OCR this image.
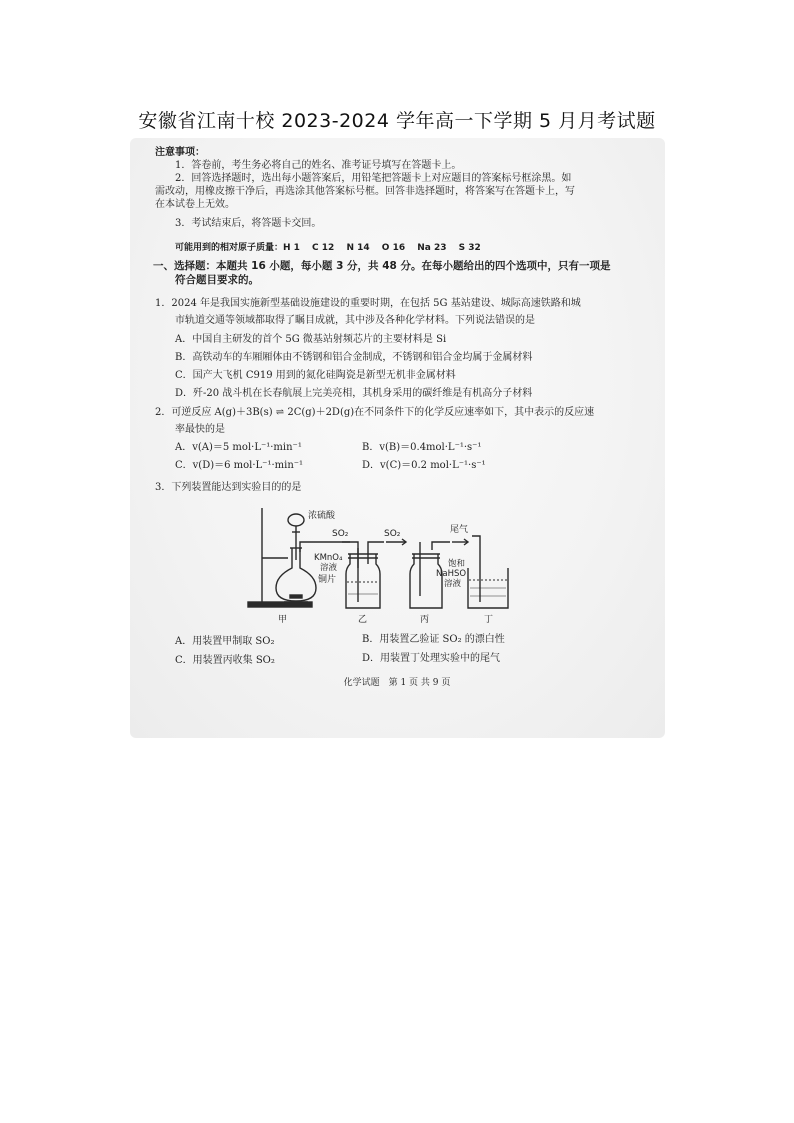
安徽省江南十校 2023-2024 学年高一下学期 5 月月考试题
注意事项：
1．答卷前，考生务必将自己的姓名、准考证号填写在答题卡上。
2．回答选择题时，选出每小题答案后，用铅笔把答题卡上对应题目的答案标号框涂黑。如
需改动，用橡皮擦干净后，再选涂其他答案标号框。回答非选择题时，将答案写在答题卡上，写
在本试卷上无效。
3．考试结束后，将答题卡交回。
可能用到的相对原子质量：H 1　 C 12　 N 14　 O 16　 Na 23　 S 32
一、选择题：本题共 16 小题，每小题 3 分，共 48 分。在每小题给出的四个选项中，只有一项是
符合题目要求的。
1．2024 年是我国实施新型基础设施建设的重要时期，在包括 5G 基站建设、城际高速铁路和城
市轨道交通等领域都取得了瞩目成就，其中涉及各种化学材料。下列说法错误的是
A．中国自主研发的首个 5G 微基站射频芯片的主要材料是 Si
B．高铁动车的车厢厢体由不锈钢和铝合金制成，不锈钢和铝合金均属于金属材料
C．国产大飞机 C919 用到的氮化硅陶瓷是新型无机非金属材料
D．歼-20 战斗机在长春航展上完美亮相，其机身采用的碳纤维是有机高分子材料
2．可逆反应 A(g)＋3B(s) ⇌ 2C(g)＋2D(g)在不同条件下的化学反应速率如下，其中表示的反应速
率最快的是
A．v(A)＝5 mol·L⁻¹·min⁻¹	B．v(B)＝0.4mol·L⁻¹·s⁻¹
C．v(D)＝6 mol·L⁻¹·min⁻¹	D．v(C)＝0.2 mol·L⁻¹·s⁻¹
3．下列装置能达到实验目的的是
浓硫酸
铜片
SO₂	SO₂	尾气
KMnO₄
溶液	饱和
NaHSO
溶液
甲	乙	丙	丁
A．用装置甲制取 SO₂	B．用装置乙验证 SO₂ 的漂白性
C．用装置丙收集 SO₂	D．用装置丁处理实验中的尾气
化学试题　第 1 页 共 9 页
